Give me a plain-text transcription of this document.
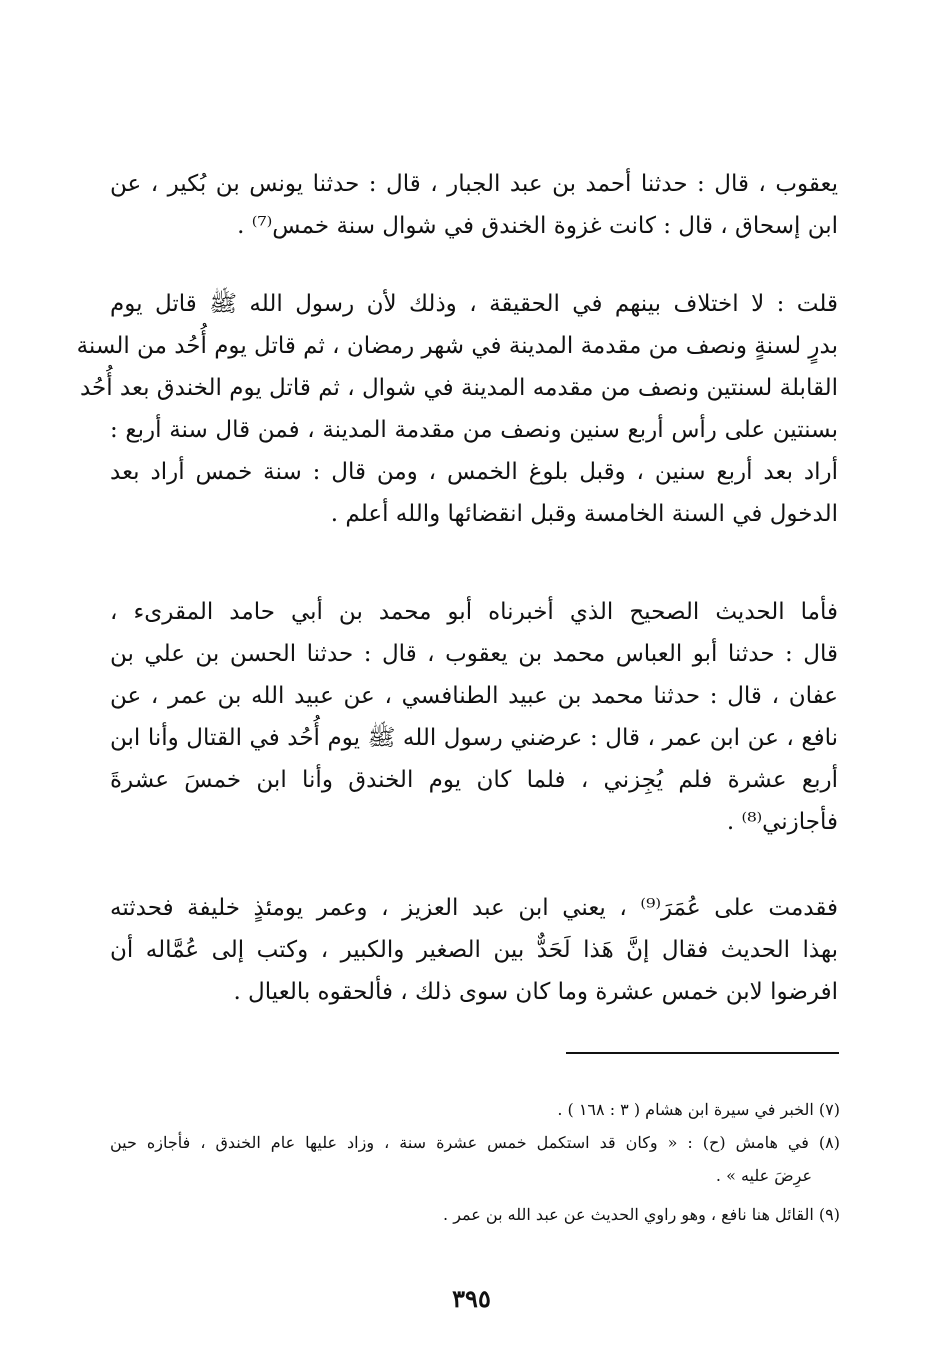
يعقوب ، قال : حدثنا أحمد بن عبد الجبار ، قال : حدثنا يونس بن بُكير ، عن
ابن إسحاق ، قال : كانت غزوة الخندق في شوال سنة خمس⁽⁷⁾ .
قلت : لا اختلاف بينهم في الحقيقة ، وذلك لأن رسول الله ﷺ قاتل يوم
بدرٍ لسنةٍ ونصف من مقدمة المدينة في شهر رمضان ، ثم قاتل يوم أُحُد من السنة
القابلة لسنتين ونصف من مقدمه المدينة في شوال ، ثم قاتل يوم الخندق بعد أُحُد
بسنتين على رأس أربع سنين ونصف من مقدمة المدينة ، فمن قال سنة أربع :
أراد بعد أربع سنين ، وقبل بلوغ الخمس ، ومن قال : سنة خمس أراد بعد
الدخول في السنة الخامسة وقبل انقضائها والله أعلم .
فأما الحديث الصحيح الذي أخبرناه أبو محمد بن أبي حامد المقرىء ،
قال : حدثنا أبو العباس محمد بن يعقوب ، قال : حدثنا الحسن بن علي بن
عفان ، قال : حدثنا محمد بن عبيد الطنافسي ، عن عبيد الله بن عمر ، عن
نافع ، عن ابن عمر ، قال : عرضني رسول الله ﷺ يوم أُحُد في القتال وأنا ابن
أربع عشرة فلم يُجِزني ، فلما كان يوم الخندق وأنا ابن خمسَ عشرةَ
فأجازني⁽⁸⁾ .
فقدمت على عُمَرَ⁽⁹⁾ ، يعني ابن عبد العزيز ، وعمر يومئذٍ خليفة فحدثته
بهذا الحديث فقال إنَّ هَذا لَحَدٌّ بين الصغير والكبير ، وكتب إلى عُمَّاله أن
افرضوا لابن خمس عشرة وما كان سوى ذلك ، فألحقوه بالعيال .
(٧) الخبر في سيرة ابن هشام ( ٣ : ١٦٨ ) .
(٨) في هامش (ح) : « وكان قد استكمل خمس عشرة سنة ، وزاد عليها عام الخندق ، فأجازه حين
عرِضَ عليه » .
(٩) القائل هنا نافع ، وهو راوي الحديث عن عبد الله بن عمر .
٣٩٥
